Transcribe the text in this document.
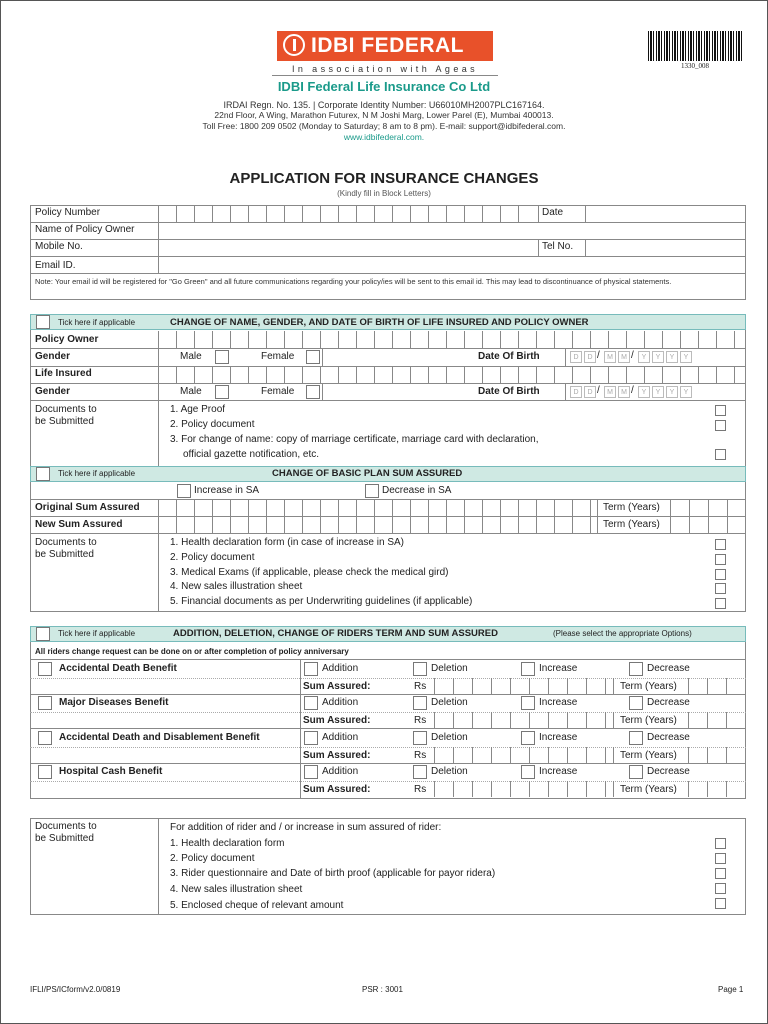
IDBI FEDERAL
In association with Ageas
IDBI Federal Life Insurance Co Ltd
IRDAI Regn. No. 135. | Corporate Identity Number: U66010MH2007PLC167164.
22nd Floor, A Wing, Marathon Futurex, N M Joshi Marg, Lower Parel (E), Mumbai 400013.
Toll Free: 1800 209 0502 (Monday to Saturday; 8 am to 8 pm). E-mail: support@idbifederal.com.
www.idbifederal.com.
1330_008
APPLICATION FOR INSURANCE CHANGES
(Kindly fill in Block Letters)
Policy Number	Date
Name of Policy Owner
Mobile No.	Tel No.
Email ID.
Note: Your email id will be registered for "Go Green" and all future communications regarding your policy/ies will be sent to this email id. This may lead to discontinuance of physical statements.
Tick here if applicable	CHANGE OF NAME, GENDER, AND DATE OF BIRTH OF LIFE INSURED AND POLICY OWNER
Policy Owner
Gender	Male	Female	Date Of Birth	D	D /	M	M /	Y	Y	Y	Y
Life Insured
Gender	Male	Female	Date Of Birth	D	D /	M	M /	Y	Y	Y	Y
Documents to
be Submitted
1. Age Proof
2. Policy document
3. For change of name: copy of marriage certificate, marriage card with declaration,
official gazette notification, etc.
Tick here if applicable	CHANGE OF BASIC PLAN SUM ASSURED
Increase in SA	Decrease in SA
Original Sum Assured	Term (Years)
New Sum Assured	Term (Years)
Documents to
be Submitted
1. Health declaration form (in case of increase in SA)
2. Policy document
3. Medical Exams (if applicable, please check the medical gird)
4. New sales illustration sheet
5. Financial documents as per Underwriting guidelines (if applicable)
Tick here if applicable	ADDITION, DELETION, CHANGE OF RIDERS TERM AND SUM ASSURED	(Please select the appropriate Options)
All riders change request can be done on or after completion of policy anniversary
Accidental Death Benefit	Addition	Deletion	Increase	Decrease
Sum Assured:	Rs	Term (Years)
Major Diseases Benefit	Addition	Deletion	Increase	Decrease
Sum Assured:	Rs	Term (Years)
Accidental Death and Disablement Benefit	Addition	Deletion	Increase	Decrease
Sum Assured:	Rs	Term (Years)
Hospital Cash Benefit	Addition	Deletion	Increase	Decrease
Sum Assured:	Rs	Term (Years)
Documents to
be Submitted
For addition of rider and / or increase in sum assured of rider:
1. Health declaration form
2. Policy document
3. Rider questionnaire and Date of birth proof (applicable for payor ridera)
4. New sales illustration sheet
5. Enclosed cheque of relevant amount
IFLI/PS/ICform/v2.0/0819	PSR : 3001	Page 1
